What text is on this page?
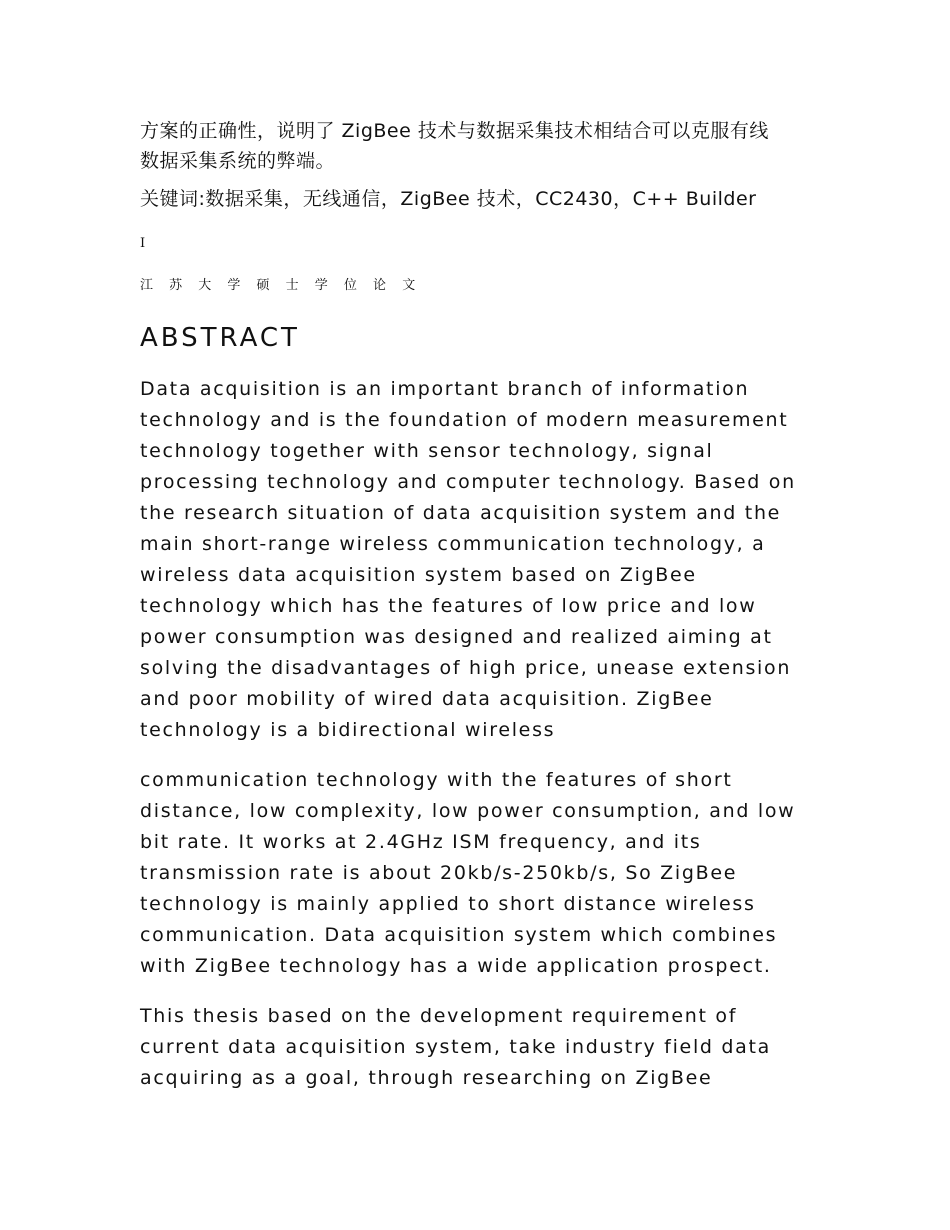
方案的正确性，说明了 ZigBee 技术与数据采集技术相结合可以克服有线

数据采集系统的弊端。

关键词:数据采集，无线通信，ZigBee 技术，CC2430，C++ Builder

I
江 苏 大 学 硕 士 学 位 论 文
ABSTRACT

Data acquisition is an important branch of information

technology and is the foundation of modern measurement

technology together with sensor technology, signal

processing technology and computer technology. Based on

the research situation of data acquisition system and the

main short-range wireless communication technology, a

wireless data acquisition system based on ZigBee

technology which has the features of low price and low

power consumption was designed and realized aiming at

solving the disadvantages of high price, unease extension

and poor mobility of wired data acquisition. ZigBee

technology is a bidirectional wireless

communication technology with the features of short

distance, low complexity, low power consumption, and low

bit rate. It works at 2.4GHz ISM frequency, and its

transmission rate is about 20kb/s-250kb/s, So ZigBee

technology is mainly applied to short distance wireless

communication. Data acquisition system which combines

with ZigBee technology has a wide application prospect.

This thesis based on the development requirement of

current data acquisition system, take industry field data

acquiring as a goal, through researching on ZigBee
